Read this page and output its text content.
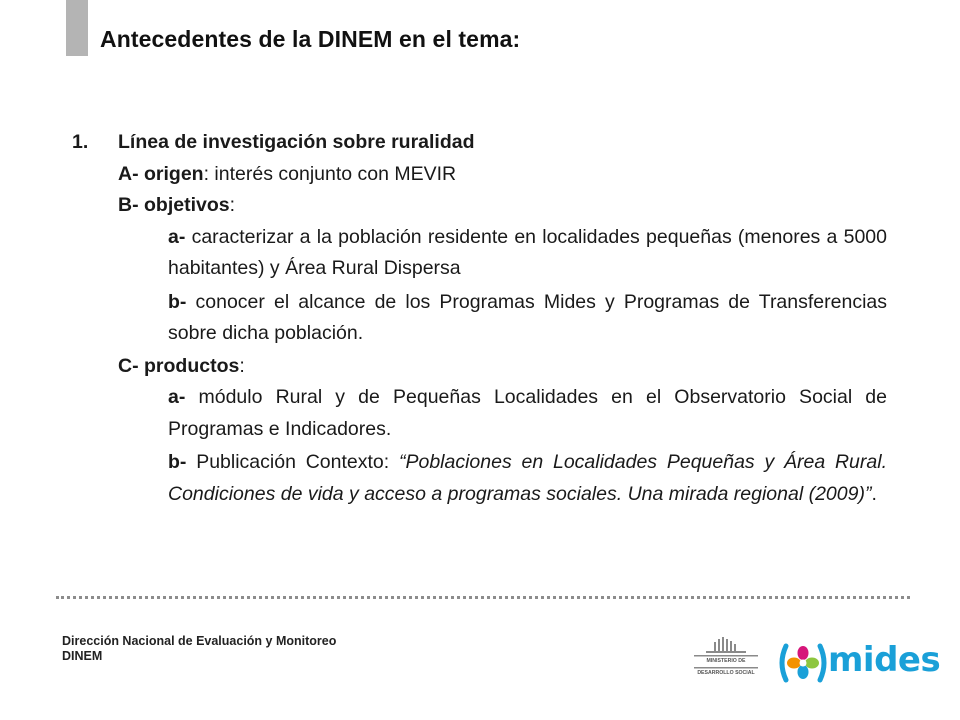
Antecedentes de la DINEM en el tema:
1.	Línea de investigación sobre ruralidad
A- origen: interés conjunto con MEVIR
B- objetivos:
a- caracterizar a la población residente en localidades pequeñas (menores a 5000 habitantes) y Área Rural Dispersa
b- conocer el alcance de los Programas Mides y Programas de Transferencias sobre dicha población.
C- productos:
a- módulo Rural y de Pequeñas Localidades en el Observatorio Social de Programas e Indicadores.
b- Publicación Contexto: “Poblaciones en Localidades Pequeñas y Área Rural. Condiciones de vida y acceso a programas sociales. Una mirada regional (2009)”.
Dirección Nacional de Evaluación y Monitoreo
DINEM	MINISTERIO DE
DESARROLLO SOCIAL mides
